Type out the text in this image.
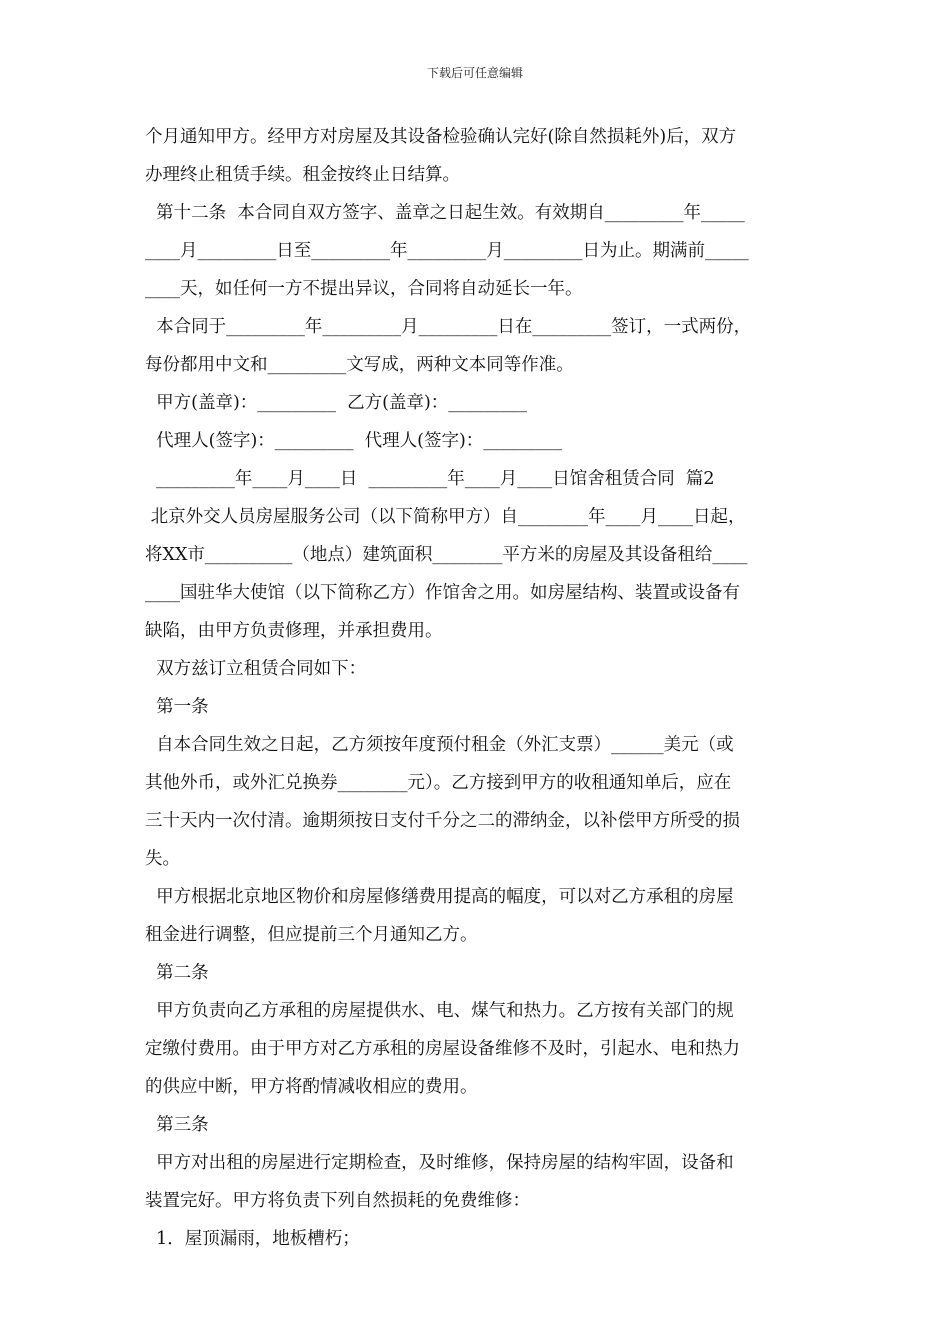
下载后可任意编辑
个月通知甲方。经甲方对房屋及其设备检验确认完好(除自然损耗外)后，双方
办理终止租赁手续。租金按终止日结算。
第十二条  本合同自双方签字、盖章之日起生效。有效期自_________年_____
____月_________日至_________年_________月_________日为止。期满前_____
____天，如任何一方不提出异议，合同将自动延长一年。
本合同于_________年_________月_________日在_________签订，一式两份，
每份都用中文和_________文写成，两种文本同等作准。
甲方(盖章)：_________  乙方(盖章)：_________
代理人(签字)：_________  代理人(签字)：_________
_________年____月____日  _________年____月____日馆舍租赁合同  篇2
北京外交人员房屋服务公司（以下简称甲方）自________年____月____日起，
将XX市__________（地点）建筑面积________平方米的房屋及其设备租给____
____国驻华大使馆（以下简称乙方）作馆舍之用。如房屋结构、装置或设备有
缺陷，由甲方负责修理，并承担费用。
双方兹订立租赁合同如下：
第一条
自本合同生效之日起，乙方须按年度预付租金（外汇支票）______美元（或
其他外币，或外汇兑换券________元）。乙方接到甲方的收租通知单后，应在
三十天内一次付清。逾期须按日支付千分之二的滞纳金，以补偿甲方所受的损
失。
甲方根据北京地区物价和房屋修缮费用提高的幅度，可以对乙方承租的房屋
租金进行调整，但应提前三个月通知乙方。
第二条
甲方负责向乙方承租的房屋提供水、电、煤气和热力。乙方按有关部门的规
定缴付费用。由于甲方对乙方承租的房屋设备维修不及时，引起水、电和热力
的供应中断，甲方将酌情减收相应的费用。
第三条
甲方对出租的房屋进行定期检查，及时维修，保持房屋的结构牢固，设备和
装置完好。甲方将负责下列自然损耗的免费维修：
1．屋顶漏雨，地板槽朽；
